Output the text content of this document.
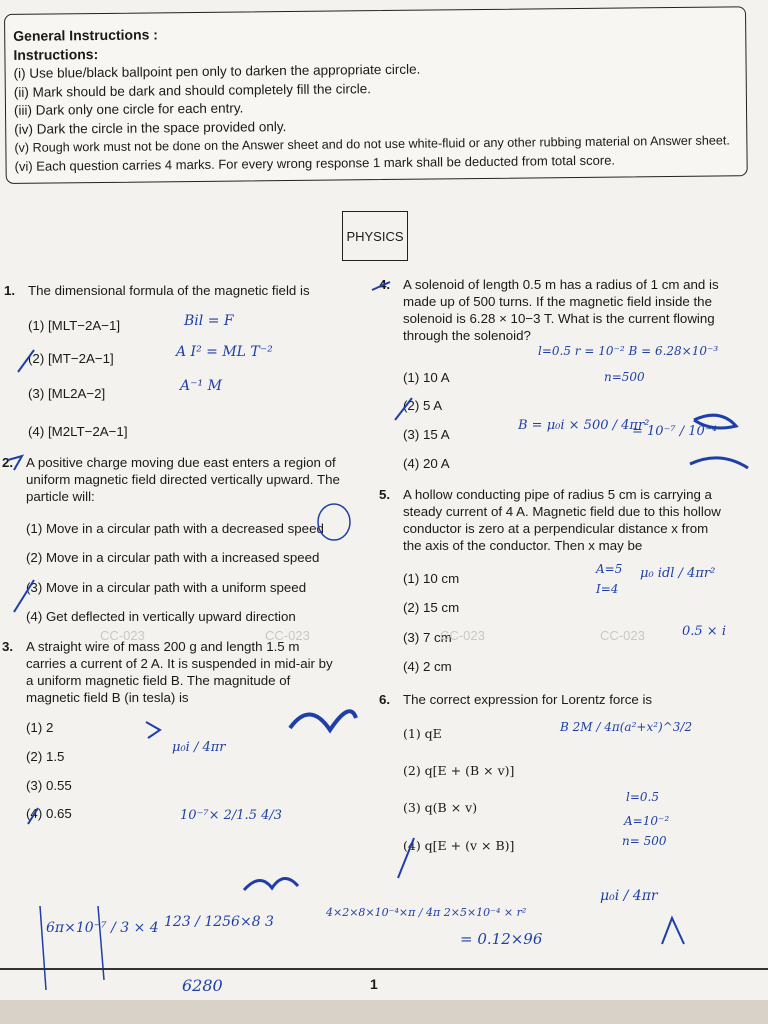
General Instructions :
Instructions:
(i) Use blue/black ballpoint pen only to darken the appropriate circle.
(ii) Mark should be dark and should completely fill the circle.
(iii) Dark only one circle for each entry.
(iv) Dark the circle in the space provided only.
(v) Rough work must not be done on the Answer sheet and do not use white-fluid or any other rubbing material on Answer sheet.
(vi) Each question carries 4 marks. For every wrong response 1 mark shall be deducted from total score.
PHYSICS
1. The dimensional formula of the magnetic field is

(1) [MLT−2A−1]
(2) [MT−2A−1]
(3) [ML2A−2]
(4) [M2LT−2A−1]
2. A positive charge moving due east enters a region of uniform magnetic field directed vertically upward. The particle will:

(1) Move in a circular path with a decreased speed
(2) Move in a circular path with a increased speed
(3) Move in a circular path with a uniform speed
(4) Get deflected in vertically upward direction
3. A straight wire of mass 200 g and length 1.5 m carries a current of 2 A. It is suspended in mid-air by a uniform magnetic field B. The magnitude of magnetic field B (in tesla) is

(1) 2
(2) 1.5
(3) 0.55
(4) 0.65
4. A solenoid of length 0.5 m has a radius of 1 cm and is made up of 500 turns. If the magnetic field inside the solenoid is 6.28 × 10−3 T. What is the current flowing through the solenoid?

(1) 10 A
(2) 5 A
(3) 15 A
(4) 20 A
5. A hollow conducting pipe of radius 5 cm is carrying a steady current of 4 A. Magnetic field due to this hollow conductor is zero at a perpendicular distance x from the axis of the conductor. Then x may be

(1) 10 cm
(2) 15 cm
(3) 7 cm
(4) 2 cm
6. The correct expression for Lorentz force is

(1) qE
(2) q[E + (B × v)]
(3) q(B × v)
(4) q[E + (v × B)]
CC-023	CC-023	CC-023	CC-023
Bil = F
A I² = ML T⁻²
A⁻¹ M
l=0.5 r = 10⁻² B = 6.28×10⁻³
n=500
B = μ₀i × 500 / 4πr²
= 10⁻⁷ / 10⁻⁴
A=5
I=4
μ₀ idl / 4πr²
0.5 × i
B 2M / 4π(a²+x²)^3/2
l=0.5
A=10⁻²
n= 500
μ₀i / 4πr
10⁻⁷× 2/1.5 4/3
6π×10⁻⁷ / 3 × 4 123 / 1256×8 3
6280
4×2×8×10⁻⁴×π / 4π 2×5×10⁻⁴ × r²
= 0.12×96
μ₀i / 4πr
1
